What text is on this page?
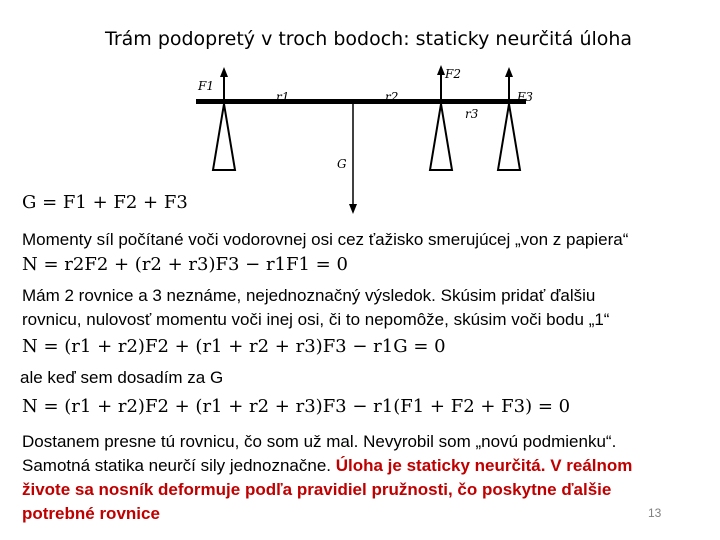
Trám podopretý v troch bodoch: staticky neurčitá úloha
F1
r1	r2
F2
F3
r3
G
G = F1 + F2 + F3
Momenty síl počítané voči vodorovnej osi cez ťažisko smerujúcej „von z papiera“
N = r2F2 + (r2 + r3)F3 − r1F1 = 0
Mám 2 rovnice a 3 neznáme, nejednoznačný výsledok. Skúsim pridať ďalšiu
rovnicu, nulovosť momentu voči inej osi, či to nepomôže, skúsim voči bodu „1“
N = (r1 + r2)F2 + (r1 + r2 + r3)F3 − r1G = 0
ale keď sem dosadím za G
N = (r1 + r2)F2 + (r1 + r2 + r3)F3 − r1(F1 + F2 + F3) = 0
Dostanem presne tú rovnicu, čo som už mal. Nevyrobil som „novú podmienku“.
Samotná statika neurčí sily jednoznačne. Úloha je staticky neurčitá. V reálnom
živote sa nosník deformuje podľa pravidiel pružnosti, čo poskytne ďalšie
potrebné rovnice	13
